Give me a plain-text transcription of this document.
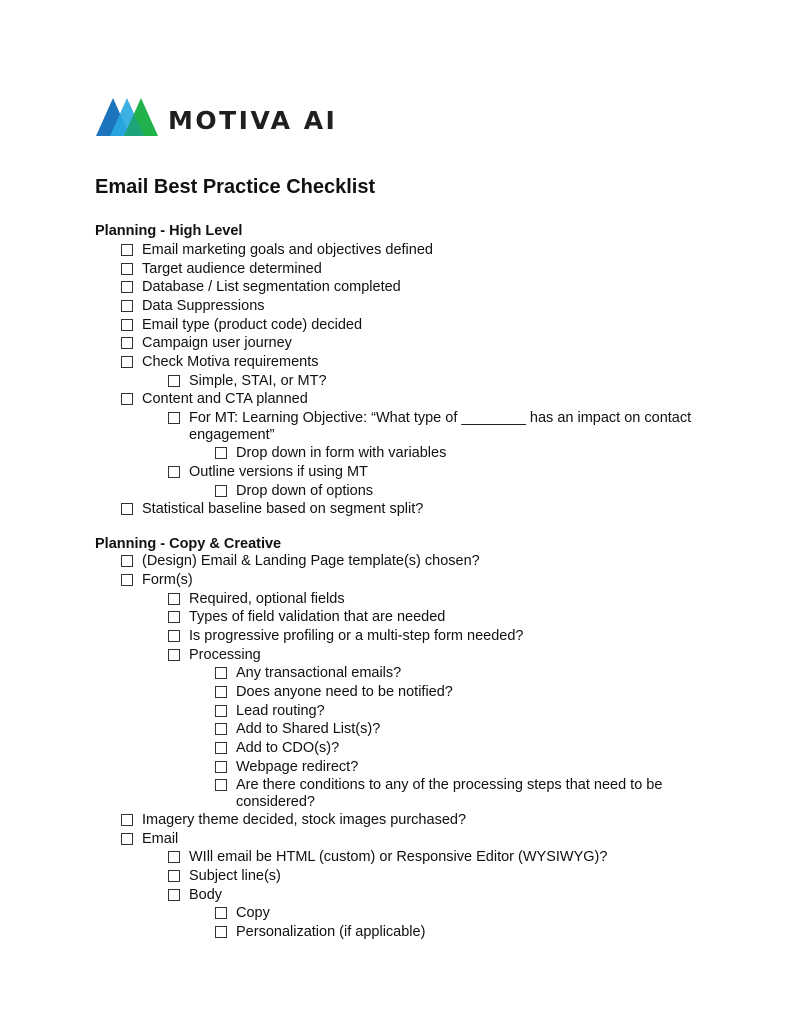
MOTIVA AI
Email Best Practice Checklist
Planning - High Level
Email marketing goals and objectives defined
Target audience determined
Database / List segmentation completed
Data Suppressions
Email type (product code) decided
Campaign user journey
Check Motiva requirements
Simple, STAI, or MT?
Content and CTA planned
For MT: Learning Objective: “What type of ________ has an impact on contact engagement”
Drop down in form with variables
Outline versions if using MT
Drop down of options
Statistical baseline based on segment split?
Planning - Copy & Creative
(Design) Email & Landing Page template(s) chosen?
Form(s)
Required, optional fields
Types of field validation that are needed
Is progressive profiling or a multi-step form needed?
Processing
Any transactional emails?
Does anyone need to be notified?
Lead routing?
Add to Shared List(s)?
Add to CDO(s)?
Webpage redirect?
Are there conditions to any of the processing steps that need to be considered?
Imagery theme decided, stock images purchased?
Email
WIll email be HTML (custom) or Responsive Editor (WYSIWYG)?
Subject line(s)
Body
Copy
Personalization (if applicable)
